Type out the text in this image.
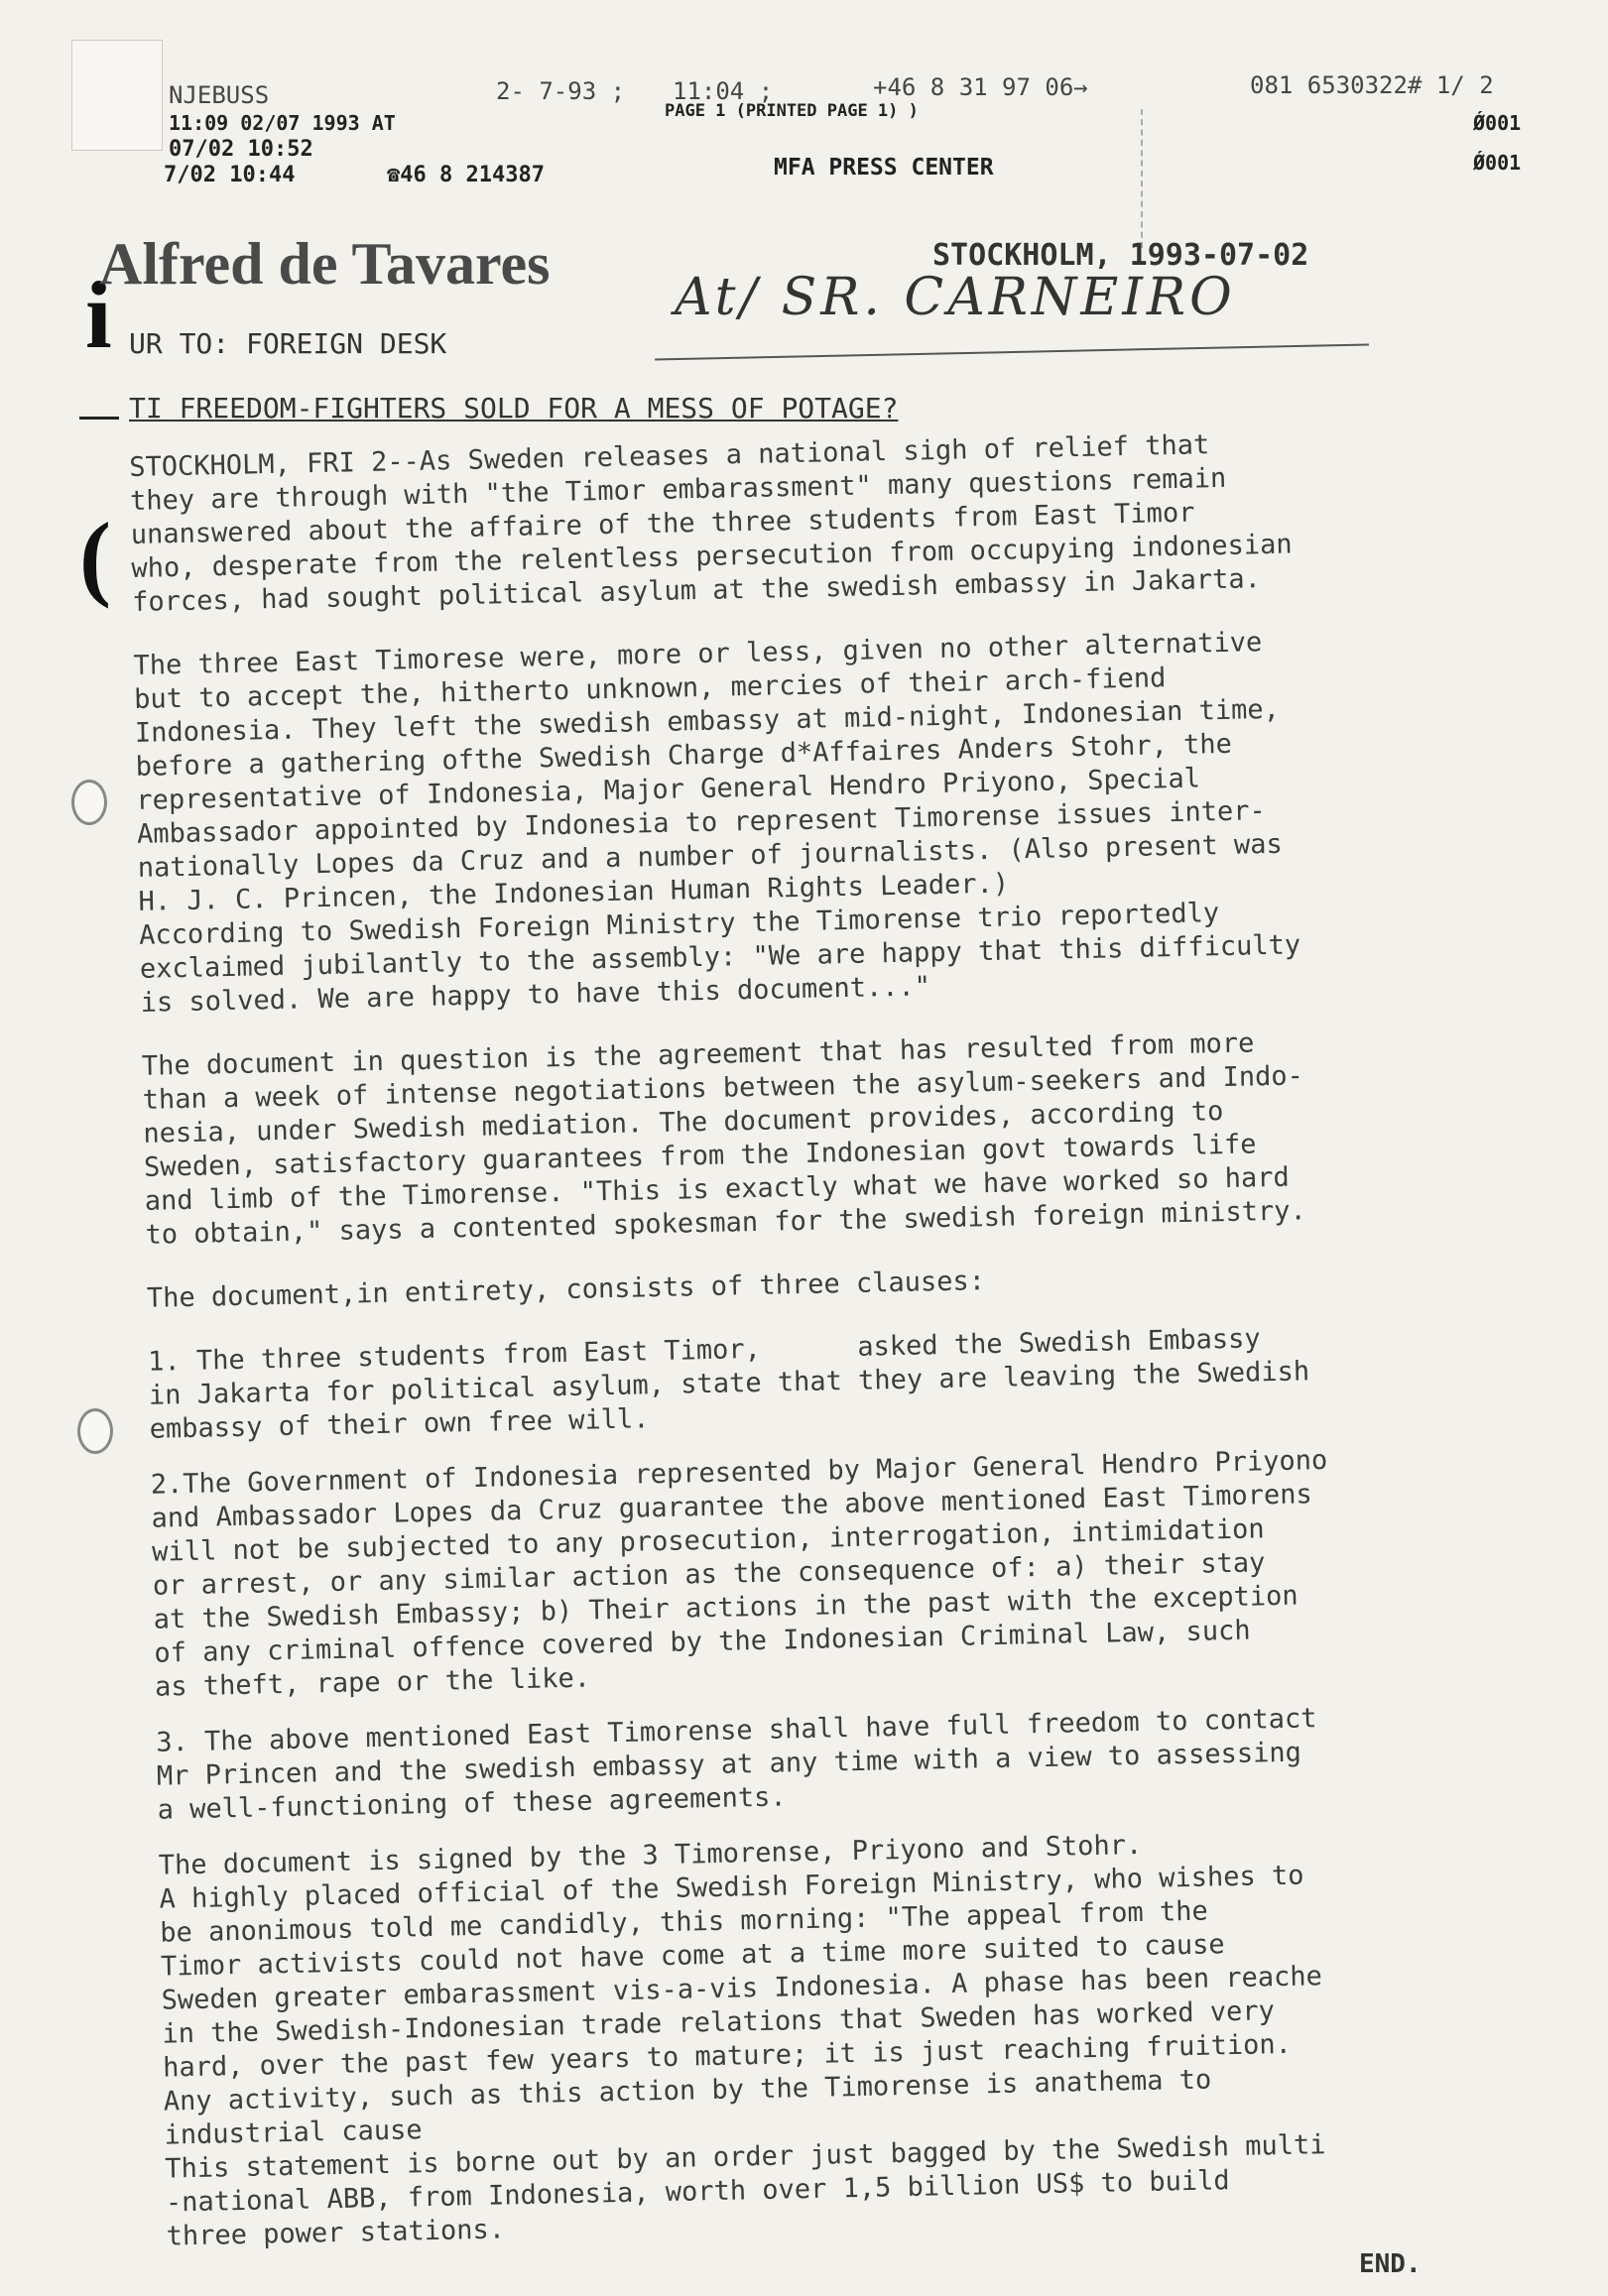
NJEBUSS	2- 7-93 ; 11:04 ;	+46 8 31 97 06→	081 6530322# 1/ 2
11:09 02/07 1993 AT	PAGE 1 (PRINTED PAGE 1) )	Ǿ001
07/02 10:52
7/02 10:44	☎46 8 214387	MFA PRESS CENTER	Ǿ001
i
(
Alfred de Tavares	STOCKHOLM, 1993-07-02
At/ SR. CARNEIRO
UR TO: FOREIGN DESK
TI FREEDOM-FIGHTERS SOLD FOR A MESS OF POTAGE?

STOCKHOLM, FRI 2--As Sweden releases a national sigh of relief that
they are through with "the Timor embarassment" many questions remain
unanswered about the affaire of the three students from East Timor
who, desperate from the relentless persecution from occupying indonesian
forces, had sought political asylum at the swedish embassy in Jakarta.

The three East Timorese were, more or less, given no other alternative
but to accept the, hitherto unknown, mercies of their arch-fiend
Indonesia. They left the swedish embassy at mid-night, Indonesian time,
before a gathering ofthe Swedish Charge d*Affaires Anders Stohr, the
representative of Indonesia, Major General Hendro Priyono, Special
Ambassador appointed by Indonesia to represent Timorense issues inter-
nationally Lopes da Cruz and a number of journalists. (Also present was
H. J. C. Princen, the Indonesian Human Rights Leader.)
According to Swedish Foreign Ministry the Timorense trio reportedly
exclaimed jubilantly to the assembly: "We are happy that this difficulty
is solved. We are happy to have this document..."

The document in question is the agreement that has resulted from more
than a week of intense negotiations between the asylum-seekers and Indo-
nesia, under Swedish mediation. The document provides, according to
Sweden, satisfactory guarantees from the Indonesian govt towards life
and limb of the Timorense. "This is exactly what we have worked so hard
to obtain," says a contented spokesman for the swedish foreign ministry.

The document,in entirety, consists of three clauses:

1. The three students from East Timor,      asked the Swedish Embassy
in Jakarta for political asylum, state that they are leaving the Swedish
embassy of their own free will.

2.The Government of Indonesia represented by Major General Hendro Priyono
and Ambassador Lopes da Cruz guarantee the above mentioned East Timorens
will not be subjected to any prosecution, interrogation, intimidation
or arrest, or any similar action as the consequence of: a) their stay
at the Swedish Embassy; b) Their actions in the past with the exception
of any criminal offence covered by the Indonesian Criminal Law, such
as theft, rape or the like.

3. The above mentioned East Timorense shall have full freedom to contact
Mr Princen and the swedish embassy at any time with a view to assessing
a well-functioning of these agreements.

The document is signed by the 3 Timorense, Priyono and Stohr.
A highly placed official of the Swedish Foreign Ministry, who wishes to
be anonimous told me candidly, this morning: "The appeal from the
Timor activists could not have come at a time more suited to cause
Sweden greater embarassment vis-a-vis Indonesia. A phase has been reache
in the Swedish-Indonesian trade relations that Sweden has worked very
hard, over the past few years to mature; it is just reaching fruition.
Any activity, such as this action by the Timorense is anathema to
industrial cause
This statement is borne out by an order just bagged by the Swedish multi
-national ABB, from Indonesia, worth over 1,5 billion US$ to build
three power stations.

END.
